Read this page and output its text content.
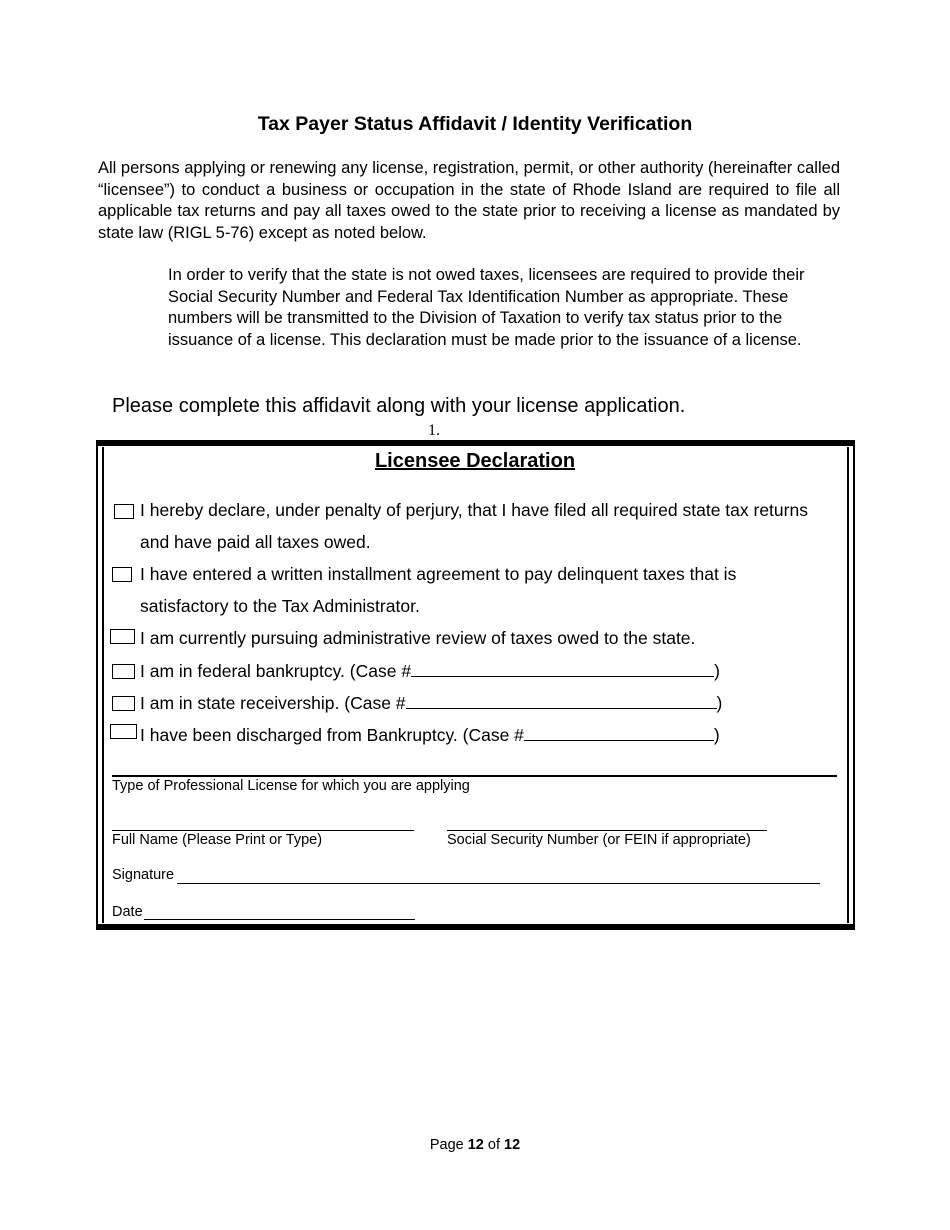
Tax Payer Status Affidavit / Identity Verification
All persons applying or renewing any license, registration, permit, or other authority (hereinafter called “licensee”) to conduct a business or occupation in the state of Rhode Island are required to file all applicable tax returns and pay all taxes owed to the state prior to receiving a license as mandated by state law (RIGL 5-76) except as noted below.
In order to verify that the state is not owed taxes, licensees are required to provide their Social Security Number and Federal Tax Identification Number as appropriate. These numbers will be transmitted to the Division of Taxation to verify tax status prior to the issuance of a license. This declaration must be made prior to the issuance of a license.
Please complete this affidavit along with your license application.
1.
Licensee Declaration
I hereby declare, under penalty of perjury, that I have filed all required state tax returns
and have paid all taxes owed.
I have entered a written installment agreement to pay delinquent taxes that is
satisfactory to the Tax Administrator.
I am currently pursuing administrative review of taxes owed to the state.
I am in federal bankruptcy. (Case #	)
I am in state receivership. (Case #	)
I have been discharged from Bankruptcy. (Case #	)
Type of Professional License for which you are applying
Full Name (Please Print or Type)	Social Security Number (or FEIN if appropriate)
Signature
Date
Page 12 of 12
